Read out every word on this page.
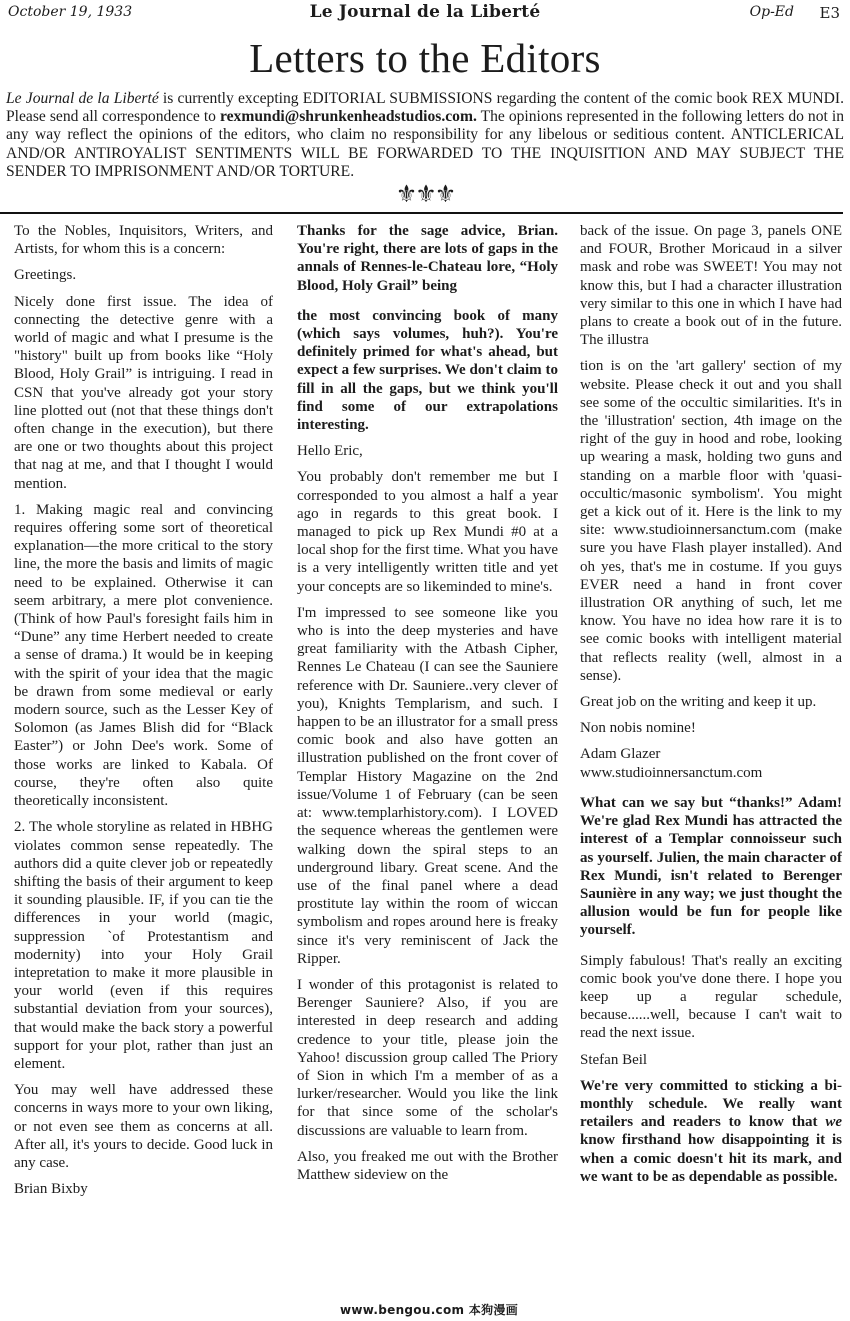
October 19, 1933	Le Journal de la Liberté	Op-Ed E3
Letters to the Editors

Le Journal de la Liberté is currently excepting EDITORIAL SUBMISSIONS regarding the content of the comic book REX MUNDI. Please send all correspondence to rexmundi@shrunkenheadstudios.com. The opinions represented in the following letters do not in any way reflect the opinions of the editors, who claim no responsibility for any libelous or seditious content. ANTICLERICAL AND/OR ANTIROYALIST SENTIMENTS WILL BE FORWARDED TO THE INQUISITION AND MAY SUBJECT THE SENDER TO IMPRISONMENT AND/OR TORTURE.

⚜⚜⚜

To the Nobles, Inquisitors, Writers, and Artists, for whom this is a concern:

Greetings.

Nicely done first issue. The idea of connecting the detective genre with a world of magic and what I presume is the "history" built up from books like “Holy Blood, Holy Grail” is intriguing. I read in CSN that you've already got your story line plotted out (not that these things don't often change in the execution), but there are one or two thoughts about this project that nag at me, and that I thought I would mention.

1. Making magic real and convincing requires offering some sort of theoretical explanation—the more critical to the story line, the more the basis and limits of magic need to be explained. Otherwise it can seem arbitrary, a mere plot convenience. (Think of how Paul's foresight fails him in “Dune” any time Herbert needed to create a sense of drama.) It would be in keeping with the spirit of your idea that the magic be drawn from some medieval or early modern source, such as the Lesser Key of Solomon (as James Blish did for “Black Easter”) or John Dee's work. Some of those works are linked to Kabala. Of course, they're often also quite theoretically inconsistent.

2. The whole storyline as related in HBHG violates common sense repeatedly. The authors did a quite clever job or repeatedly shifting the basis of their argument to keep it sounding plausible. IF, if you can tie the differences in your world (magic, suppression `of Protestantism and modernity) into your Holy Grail intepretation to make it more plausible in your world (even if this requires substantial deviation from your sources), that would make the back story a powerful support for your plot, rather than just an element.

You may well have addressed these concerns in ways more to your own liking, or not even see them as concerns at all. After all, it's yours to decide. Good luck in any case.

Brian Bixby

Thanks for the sage advice, Brian. You're right, there are lots of gaps in the annals of Rennes-le-Chateau lore, “Holy Blood, Holy Grail” being

the most convincing book of many (which says volumes, huh?). You're definitely primed for what's ahead, but expect a few surprises. We don't claim to fill in all the gaps, but we think you'll find some of our extrapolations interesting.

Hello Eric,

You probably don't remember me but I corresponded to you almost a half a year ago in regards to this great book. I managed to pick up Rex Mundi #0 at a local shop for the first time. What you have is a very intelligently written title and yet your concepts are so likeminded to mine's.

I'm impressed to see someone like you who is into the deep mysteries and have great familiarity with the Atbash Cipher, Rennes Le Chateau (I can see the Sauniere reference with Dr. Sauniere..very clever of you), Knights Templarism, and such. I happen to be an illustrator for a small press comic book and also have gotten an illustration published on the front cover of Templar History Magazine on the 2nd issue/Volume 1 of February (can be seen at: www.templarhistory.com). I LOVED the sequence whereas the gentlemen were walking down the spiral steps to an underground libary. Great scene. And the use of the final panel where a dead prostitute lay within the room of wiccan symbolism and ropes around here is freaky since it's very reminiscent of Jack the Ripper.

I wonder of this protagonist is related to Berenger Sauniere? Also, if you are interested in deep research and adding credence to your title, please join the Yahoo! discussion group called The Priory of Sion in which I'm a member of as a lurker/researcher. Would you like the link for that since some of the scholar's discussions are valuable to learn from.

Also, you freaked me out with the Brother Matthew sideview on the

back of the issue. On page 3, panels ONE and FOUR, Brother Moricaud in a silver mask and robe was SWEET! You may not know this, but I had a character illustration very similar to this one in which I have had plans to create a book out of in the future. The illustra

tion is on the 'art gallery' section of my website. Please check it out and you shall see some of the occultic similarities. It's in the 'illustration' section, 4th image on the right of the guy in hood and robe, looking up wearing a mask, holding two guns and standing on a marble floor with 'quasi-occultic/masonic symbolism'. You might get a kick out of it. Here is the link to my site: www.studioinnersanctum.com (make sure you have Flash player installed). And oh yes, that's me in costume. If you guys EVER need a hand in front cover illustration OR anything of such, let me know. You have no idea how rare it is to see comic books with intelligent material that reflects reality (well, almost in a sense).

Great job on the writing and keep it up.

Non nobis nomine!

Adam Glazer

www.studioinnersanctum.com

What can we say but “thanks!” Adam! We're glad Rex Mundi has attracted the interest of a Templar connoisseur such as yourself. Julien, the main character of Rex Mundi, isn't related to Berenger Saunière in any way; we just thought the allusion would be fun for people like yourself.

Simply fabulous! That's really an exciting comic book you've done there. I hope you keep up a regular schedule, because......well, because I can't wait to read the next issue.

Stefan Beil

We're very committed to sticking a bi-monthly schedule. We really want retailers and readers to know that we know firsthand how disappointing it is when a comic doesn't hit its mark, and we want to be as dependable as possible.

www.bengou.com 本狗漫画
